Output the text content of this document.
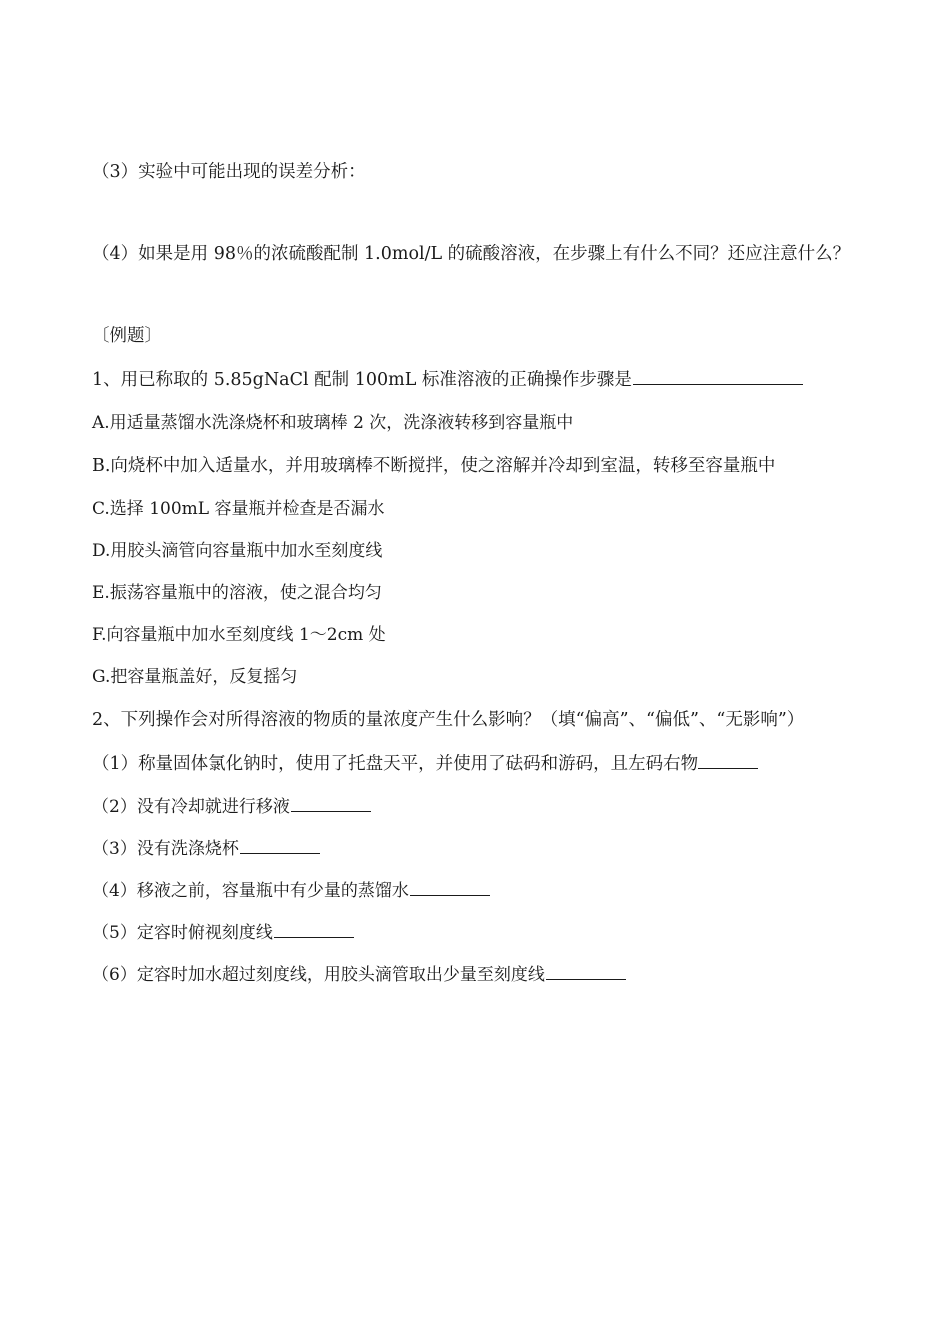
（3）实验中可能出现的误差分析：

（4）如果是用 98％的浓硫酸配制 1.0mol/L 的硫酸溶液，在步骤上有什么不同？还应注意什么？

〔例题〕

1、用已称取的 5.85gNaCl 配制 100mL 标准溶液的正确操作步骤是

A.用适量蒸馏水洗涤烧杯和玻璃棒 2 次，洗涤液转移到容量瓶中

B.向烧杯中加入适量水，并用玻璃棒不断搅拌，使之溶解并冷却到室温，转移至容量瓶中

C.选择 100mL 容量瓶并检查是否漏水

D.用胶头滴管向容量瓶中加水至刻度线

E.振荡容量瓶中的溶液，使之混合均匀

F.向容量瓶中加水至刻度线 1～2cm 处

G.把容量瓶盖好，反复摇匀

2、下列操作会对所得溶液的物质的量浓度产生什么影响？（填“偏高”、“偏低”、“无影响”）

（1）称量固体氯化钠时，使用了托盘天平，并使用了砝码和游码，且左码右物

（2）没有冷却就进行移液

（3）没有洗涤烧杯

（4）移液之前，容量瓶中有少量的蒸馏水

（5）定容时俯视刻度线

（6）定容时加水超过刻度线，用胶头滴管取出少量至刻度线
